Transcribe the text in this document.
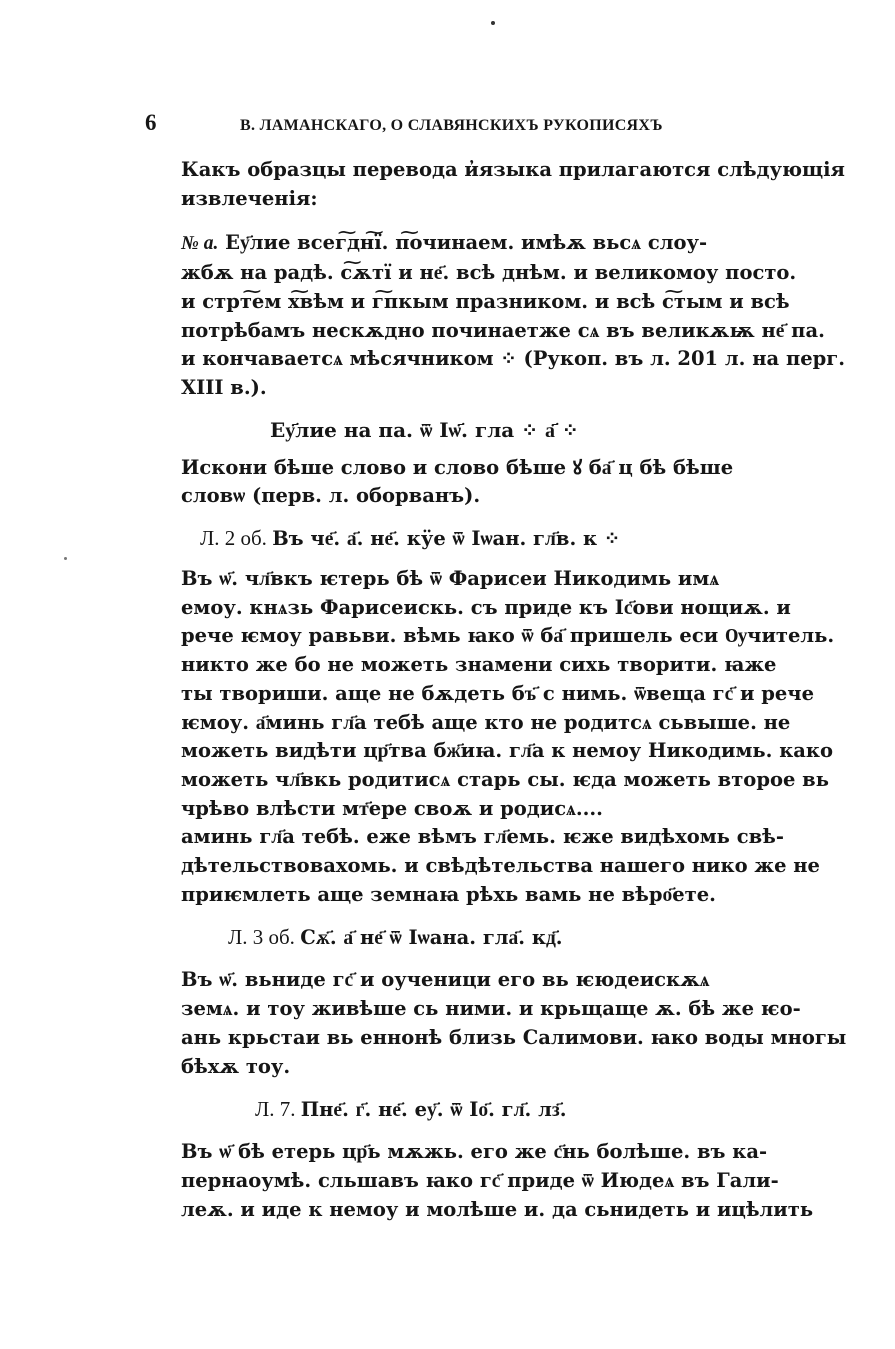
6	В. ЛАМАНСКАГО, О СЛАВЯНСКИХЪ РУКОПИСЯХЪ

Какъ образцы перевода и̓языка прилагаются слѣдующія
извлеченія:

№ а. Еу҃лие всег͠дн͠ї. п͠очинаем. имѣѫ вьсѧ слоу-
жбѫ на радѣ. с͠ѫтї и не҃. всѣ днѣм. и великомоу посто.
и стрт͠ем х͠вѣм и г͠пкым празником. и всѣ с͠тым и всѣ
потрѣбамъ нескѫдно починаетже сѧ въ великѫѭ не҃ па.
и кончаваетсѧ мѣсячником ⁘ (Рукоп. въ л. 201 л. на перг.
XIII в.).

Еу҃лие на па. ѿ Ιѡ҃. гла ⁘ а҃ ⁘

Искони бѣше слово и слово бѣше ꙋ ба҃ ц бѣ бѣше
словѡ (перв. л. оборванъ).

Л. 2 об. Въ че҃. а҃. не҃. кӱе ѿ Ιѡан. гл҃в. к ⁘

Въ ѡ҃. чл҃вкъ ѥтерь бѣ ѿ Фарисеи Никодимь имѧ
емоу. кнѧзь Фарисеискь. съ приде къ Іс҃ови нощиѫ. и
рече ѥмоу равьви. вѣмь ꙗко ѿ ба҃ пришель еси Ѹчитель.
никто же бо не можеть знамени сихь творити. ꙗже
ты твориши. аще не бѫдеть бъ҃ с нимь. ѿвеща гс҃ и рече
ѥмоу. а҃минь гл҃а тебѣ аще кто не родитсѧ сьвыше. не
можеть видѣти цр҃тва бж҃иꙗ. гл҃а к немоу Никодимь. како
можеть чл҃вкь родитисѧ старь сы. ѥда можеть второе вь
чрѣво влѣсти мт҃ере своѫ и родисѧ....

аминь гл҃а тебѣ. еже вѣмъ гл҃емь. ѥже видѣхомь свѣ-
дѣтельствовахомь. и свѣдѣтельства нашего нико же не
приѥмлеть аще земнаꙗ рѣхь вамь не вѣро҃ете.

Л. 3 об. Сѫ҃. а҃ не҃ ѿ Іѡана. гла҃. кд҃.

Въ ѡ҃. вьниде гс҃ и оученици его вь ѥюдеискѫѧ
земѧ. и тоу живѣше сь ними. и крьщаще ѫ. бѣ же ѥо-
ань крьстаи вь еннонѣ близь Салимови. ꙗко воды многы
бѣхѫ тоу.

Л. 7. Пне҃. г҃. не҃. еу҃. ѿ Ιо҃. гл҃. лз҃.

Въ ѡ҃ бѣ етерь цр҃ь мѫжь. его же с҃нь болѣше. въ ка-
пернаоумѣ. сльшавъ ꙗко гс҃ приде ѿ Июдеѧ въ Гали-
леѫ. и иде к немоу и молѣше и. да сьнидеть и ицѣлить
